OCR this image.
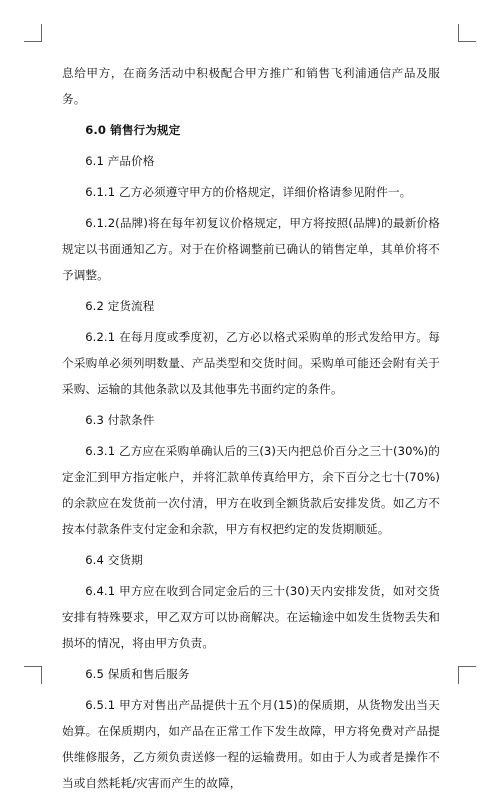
息给甲方，在商务活动中积极配合甲方推广和销售飞利浦通信产品及服务。

6.0 销售行为规定

6.1 产品价格

6.1.1 乙方必须遵守甲方的价格规定，详细价格请参见附件一。

6.1.2(品牌)将在每年初复议价格规定，甲方将按照(品牌)的最新价格规定以书面通知乙方。对于在价格调整前已确认的销售定单，其单价将不予调整。

6.2 定货流程

6.2.1 在每月度或季度初，乙方必以格式采购单的形式发给甲方。每个采购单必须列明数量、产品类型和交货时间。采购单可能还会附有关于采购、运输的其他条款以及其他事先书面约定的条件。

6.3 付款条件

6.3.1 乙方应在采购单确认后的三(3)天内把总价百分之三十(30%)的定金汇到甲方指定帐户，并将汇款单传真给甲方，余下百分之七十(70%)的余款应在发货前一次付清，甲方在收到全额货款后安排发货。如乙方不按本付款条件支付定金和余款，甲方有权把约定的发货期顺延。

6.4 交货期

6.4.1 甲方应在收到合同定金后的三十(30)天内安排发货，如对交货安排有特殊要求，甲乙双方可以协商解决。在运输途中如发生货物丢失和损坏的情况，将由甲方负责。

6.5 保质和售后服务

6.5.1 甲方对售出产品提供十五个月(15)的保质期，从货物发出当天始算。在保质期内，如产品在正常工作下发生故障，甲方将免费对产品提供维修服务，乙方须负责送修一程的运输费用。如由于人为或者是操作不当或自然耗耗/灾害而产生的故障，
